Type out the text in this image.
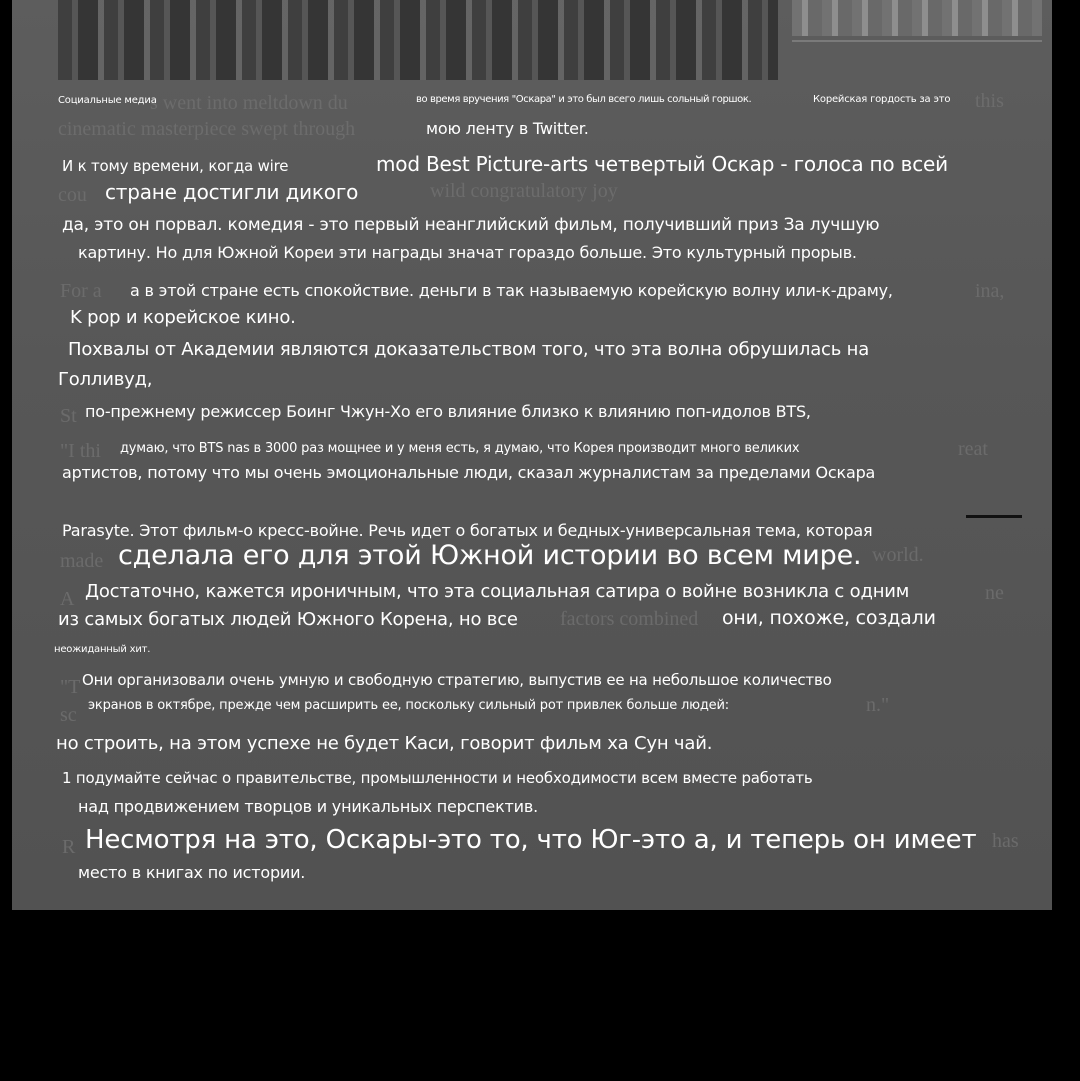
s went into meltdown du
cinematic masterpiece swept through
wild congratulatory joy
cou
For a
St
"I thi
made
A
factors combined
"T
sc
R
this
ina,
reat
world.
ne
n."
has
Социальные медиа	во время вручения "Оскара" и это был всего лишь сольный горшок.	Корейская гордость за это
мою ленту в Twitter.
И к тому времени, когда wire	mod Best Picture-arts четвертый Оскар - голоса по всей
стране достигли дикого
да, это он порвал. комедия - это первый неанглийский фильм, получивший приз За лучшую
картину. Но для Южной Кореи эти награды значат гораздо больше. Это культурный прорыв.
а в этой стране есть спокойствие. деньги в так называемую корейскую волну или-к-драму,
K pop и корейское кино.
Похвалы от Академии являются доказательством того, что эта волна обрушилась на
Голливуд,
по-прежнему режиссер Боинг Чжун-Хо его влияние близко к влиянию поп-идолов BTS,
думаю, что BTS nas в 3000 раз мощнее и у меня есть, я думаю, что Корея производит много великих
артистов, потому что мы очень эмоциональные люди, сказал журналистам за пределами Оскара
Parasyte. Этот фильм-о кресс-войне. Речь идет о богатых и бедных-универсальная тема, которая
сделала его для этой Южной истории во всем мире.
Достаточно, кажется ироничным, что эта социальная сатира о войне возникла с одним
из самых богатых людей Южного Корена, но все	они, похоже, создали
неожиданный хит.
Они организовали очень умную и свободную стратегию, выпустив ее на небольшое количество
экранов в октябре, прежде чем расширить ее, поскольку сильный рот привлек больше людей:
но строить, на этом успехе не будет Каси, говорит фильм ха Сун чай.
1 подумайте сейчас о правительстве, промышленности и необходимости всем вместе работать
над продвижением творцов и уникальных перспектив.
Несмотря на это, Оскары-это то, что Юг-это а, и теперь он имеет
место в книгах по истории.
